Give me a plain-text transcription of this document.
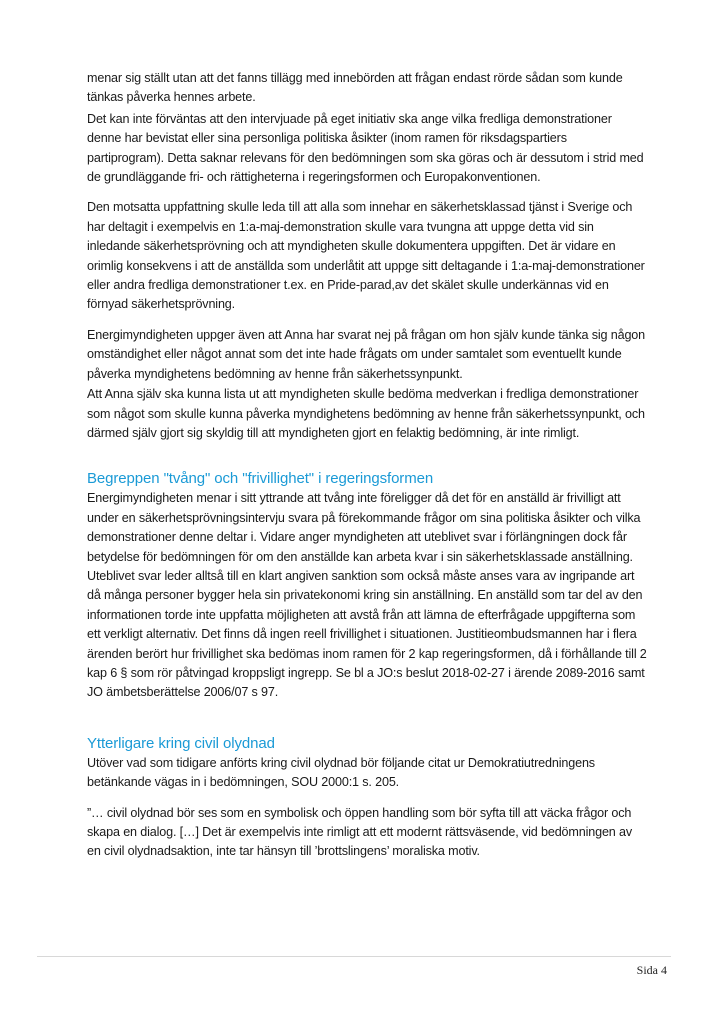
menar sig ställt utan att det fanns tillägg med innebörden att frågan endast rörde sådan som kunde tänkas påverka hennes arbete.

Det kan inte förväntas att den intervjuade på eget initiativ ska ange vilka fredliga demonstrationer denne har bevistat eller sina personliga politiska åsikter (inom ramen för riksdagspartiers partiprogram). Detta saknar relevans för den bedömningen som ska göras och är dessutom i strid med de grundläggande fri- och rättigheterna i regeringsformen och Europakonventionen.

Den motsatta uppfattning skulle leda till att alla som innehar en säkerhetsklassad tjänst i Sverige och har deltagit i exempelvis en 1:a-maj-demonstration skulle vara tvungna att uppge detta vid sin inledande säkerhetsprövning och att myndigheten skulle dokumentera uppgiften. Det är vidare en orimlig konsekvens i att de anställda som underlåtit att uppge sitt deltagande i 1:a-maj-demonstrationer eller andra fredliga demonstrationer t.ex. en Pride-parad,av det skälet skulle underkännas vid en förnyad säkerhetsprövning.

Energimyndigheten uppger även att Anna har svarat nej på frågan om hon själv kunde tänka sig någon omständighet eller något annat som det inte hade frågats om under samtalet som eventuellt kunde påverka myndighetens bedömning av henne från säkerhetssynpunkt.

Att Anna själv ska kunna lista ut att myndigheten skulle bedöma medverkan i fredliga demonstrationer som något som skulle kunna påverka myndighetens bedömning av henne från säkerhetssynpunkt, och därmed själv gjort sig skyldig till att myndigheten gjort en felaktig bedömning, är inte rimligt.

Begreppen "tvång" och "frivillighet" i regeringsformen

Energimyndigheten menar i sitt yttrande att tvång inte föreligger då det för en anställd är frivilligt att under en säkerhetsprövningsintervju svara på förekommande frågor om sina politiska åsikter och vilka demonstrationer denne deltar i. Vidare anger myndigheten att uteblivet svar i förlängningen dock får betydelse för bedömningen för om den anställde kan arbeta kvar i sin säkerhetsklassade anställning. Uteblivet svar leder alltså till en klart angiven sanktion som också måste anses vara av ingripande art då många personer bygger hela sin privatekonomi kring sin anställning. En anställd som tar del av den informationen torde inte uppfatta möjligheten att avstå från att lämna de efterfrågade uppgifterna som ett verkligt alternativ. Det finns då ingen reell frivillighet i situationen. Justitieombudsmannen har i flera ärenden berört hur frivillighet ska bedömas inom ramen för 2 kap regeringsformen, då i förhållande till 2 kap 6 § som rör påtvingad kroppsligt ingrepp. Se bl a JO:s beslut 2018-02-27 i ärende 2089-2016 samt JO ämbetsberättelse 2006/07 s 97.

Ytterligare kring civil olydnad

Utöver vad som tidigare anförts kring civil olydnad bör följande citat ur Demokratiutredningens betänkande vägas in i bedömningen, SOU 2000:1 s. 205.

”… civil olydnad bör ses som en symbolisk och öppen handling som bör syfta till att väcka frågor och skapa en dialog. […] Det är exempelvis inte rimligt att ett modernt rättsväsende, vid bedömningen av en civil olydnadsaktion, inte tar hänsyn till ’brottslingens’ moraliska motiv.

Sida 4
